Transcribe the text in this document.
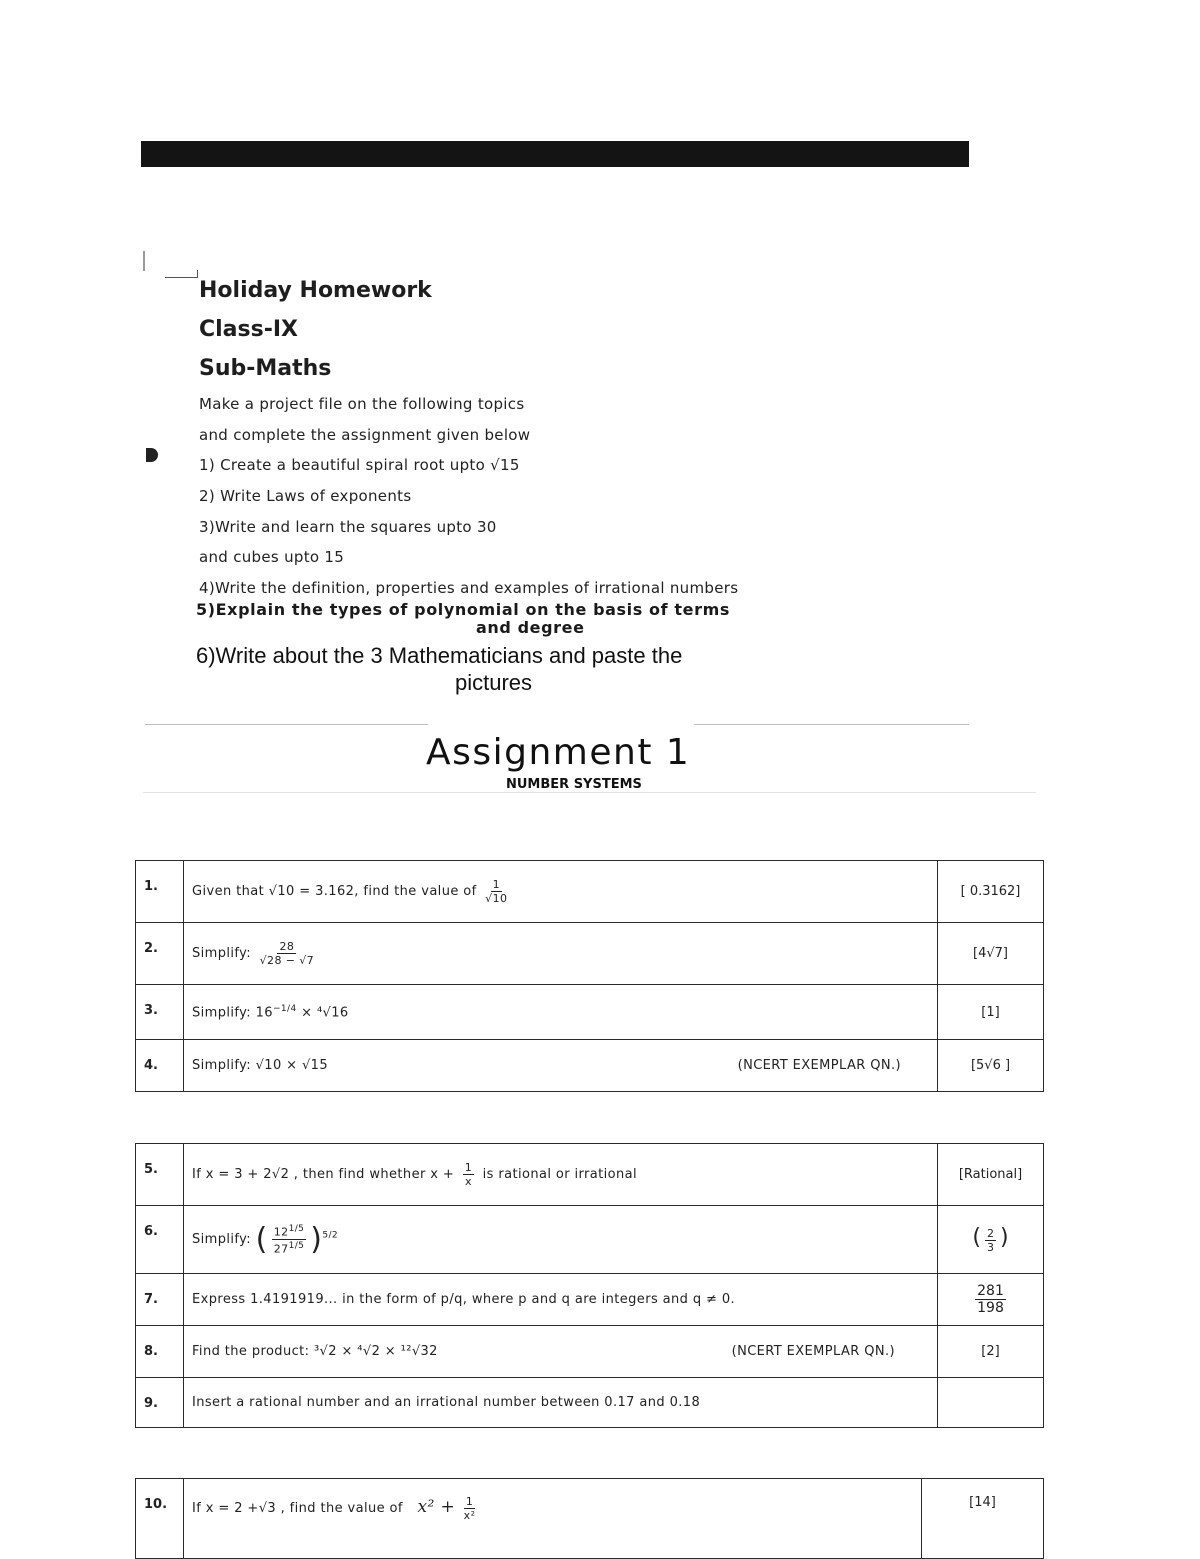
Holiday Homework
Class-IX
Sub-Maths
Make a project file on the following topics
and complete the assignment given below
1) Create a beautiful spiral root upto √15
2) Write Laws of exponents
3)Write and learn the squares upto 30
and cubes upto 15
4)Write the definition, properties and examples of irrational numbers
5)Explain the types of polynomial on the basis of terms
and degree
6)Write about the 3 Mathematicians and paste the
pictures
Assignment 1
NUMBER SYSTEMS
1.	Given that √10 = 3.162, find the value of $\frac{1}{√10}$	[ 0.3162]
2.	Simplify: $\frac{28}{√28 - √7}$	[4√7]
3.	Simplify: $16^{-1/4} \times ^4√16$	[1]
4.	Simplify: √10 × √15 (NCERT EXEMPLAR QN.)	[5√6 ]
5.	If x = 3 + 2√2 , then find whether $x + \frac{1}{x}$ is rational or irrational	[Rational]
6.	Simplify: ( $\frac{12^{1/5}}{27^{1/5}} )^{5/2}$	( $\frac{2}{3}$ )
7.	Express 1.4191919... in the form of p/q, where p and q are integers and q ≠ 0.	$\frac{281}{198}$

8.	Find the product: ³√2 × ⁴√2 × ¹²√32 (NCERT EXEMPLAR QN.)	[2]
9.	Insert a rational number and an irrational number between 0.17 and 0.18	

10.	If x = 2 +√3 , find the value of $x^2 + \frac{1}{\text{x²}}$	[14]
